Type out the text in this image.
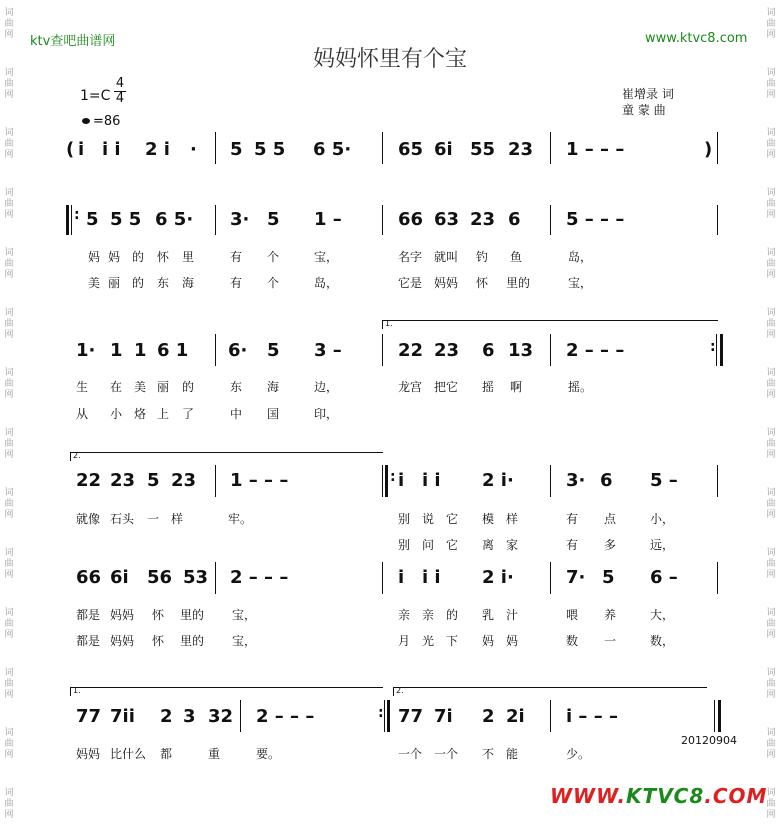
词
曲
网
词
曲
网
词
曲
网
词
曲
网
词
曲
网
词
曲
网
词
曲
网
词
曲
网
词
曲
网
词
曲
网
词
曲
网
词
曲
网
词
曲
网
词
曲
网
词
曲
网
词
曲
网
词
曲
网
词
曲
网
词
曲
网
词
曲
网
词
曲
网
词
曲
网
词
曲
网
词
曲
网
词
曲
网
词
曲
网
词
曲
网
词
曲
网
ktv查吧曲谱网	www.ktvc8.com
妈妈怀里有个宝
1=C
4
4
=86
崔增录 词
童 蒙 曲
( i i i 2 i · 5 5 5 6 5·	65 6i 55 23 1 – – –	)
: 5 5 5 6 5· 3· 5 1 –	66 63 23 6	5 – – –
妈 妈 的 怀 里	有 个	宝，	名字 就叫 钓 鱼	岛，
美 丽 的 东 海	有 个	岛，	它是 妈妈 怀 里的	宝，
1· 1 1 6 1 6· 5 3 –
1.
22 23 6 13 2 – – –	:
生 在 美 丽 的	东 海	边，	龙宫 把它 摇 啊	摇。
从 小 烙 上 了	中 国	印，
2.
22 23 5 23 1 – – –	: i i i 2 i·	3· 6 5 –
就像 石头 一 样	牢。	别 说 它 模 样	有 点	小，
别 问 它 离 家	有 多	远，
66 6i 56 53 2 – – –	i i i 2 i·	7· 5 6 –
都是 妈妈 怀 里的 宝，	亲 亲 的 乳 汁	喂 养	大，
都是 妈妈 怀 里的 宝，	月 光 下 妈 妈	数 一	数，
1.
77 7ii 2 3 32 2 – – –	:
2.
77 7i 2 2i i – – –
妈妈 比什么 都	重	要。	一个 一个 不 能	少。
20120904
WWW.KTVC8.COM
